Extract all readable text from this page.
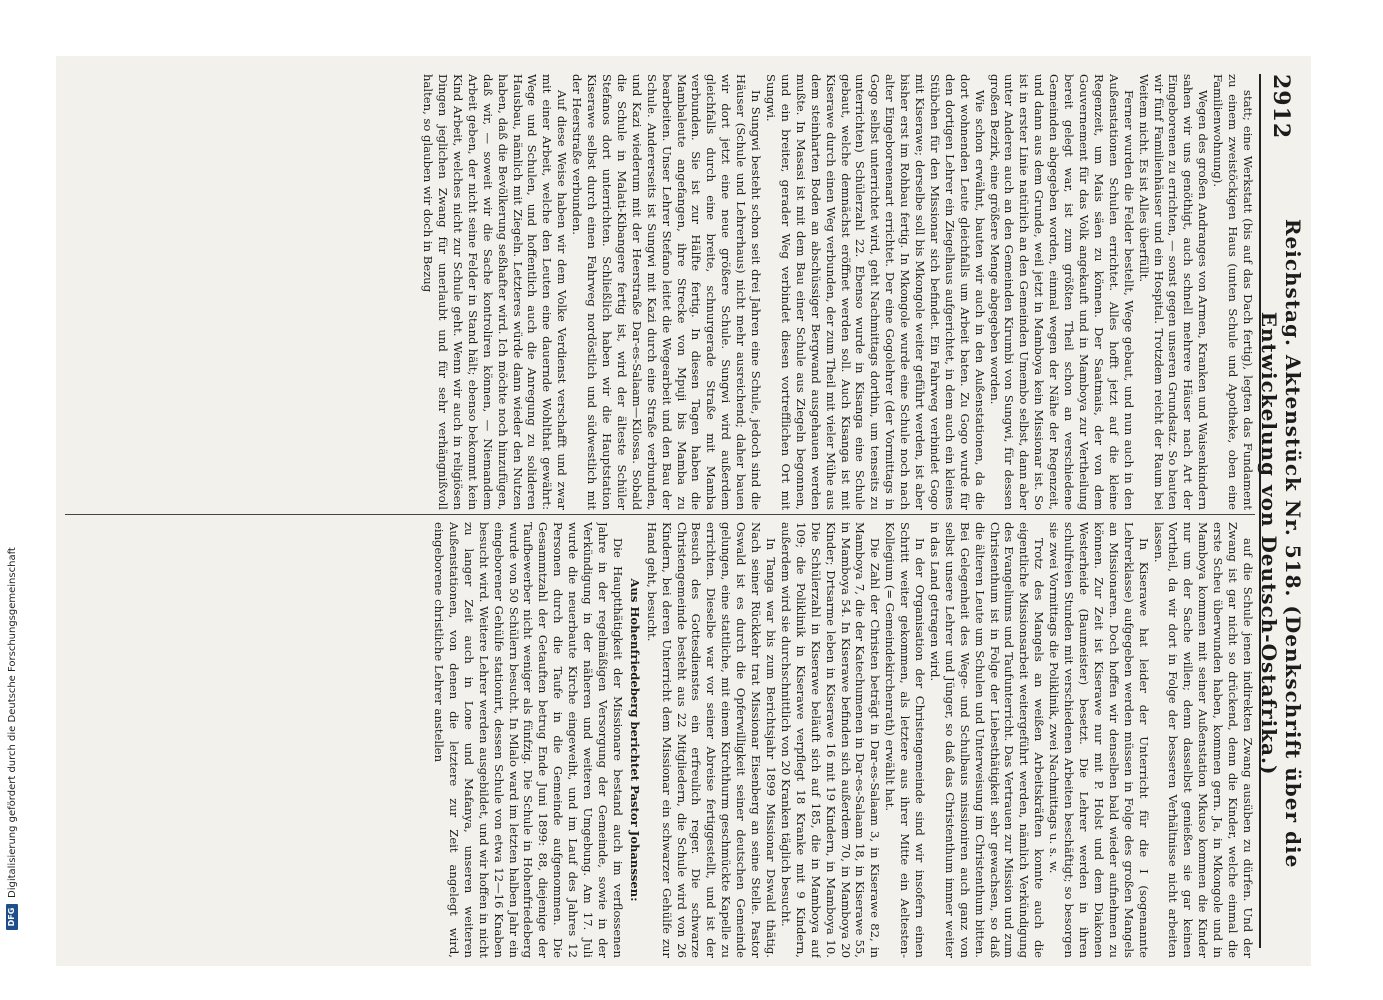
2912
Reichstag. Aktenstück Nr. 518. (Denkschrift über die Entwickelung von Deutsch-Ostafrika.)

statt; eine Werkstatt (bis auf das Dach fertig), legten das Fundament zu einem zweistöckigen Haus (unten Schule und Apotheke, oben eine Familienwohnung).

Wegen des großen Andranges von Armen, Kranken und Waisenkindern sahen wir uns genöthigt, auch schnell mehrere Häuser nach Art der Eingeborenen zu errichten, — sonst gegen unseren Grundsatz. So bauten wir fünf Familienhäuser und ein Hospital. Trotzdem reicht der Raum bei Weitem nicht. Es ist Alles überfüllt.

Ferner wurden die Felder bestellt, Wege gebaut, und nun auch in den Außenstationen Schulen errichtet. Alles hofft jetzt auf die kleine Regenzeit, um Mais säen zu können. Der Saatmais, der von dem Gouvernement für das Volk angekauft und in Mamboya zur Vertheilung bereit gelegt war, ist zum größten Theil schon an verschiedene Gemeinden abgegeben worden, einmal wegen der Nähe der Regenzeit, und dann aus dem Grunde, weil jetzt in Mamboya kein Missionar ist. So ist in erster Linie natürlich an den Gemeinden Umembo selbst, dann aber unter Anderen auch an den Gemeinden Kirumbi von Sungwi, für dessen großen Bezirk, eine größere Menge abgegeben worden.

Wie schon erwähnt, bauten wir auch in den Außenstationen, da die dort wohnenden Leute gleichfalls um Arbeit baten. Zu Gogo wurde für den dortigen Lehrer ein Ziegelhaus aufgerichtet, in dem auch ein kleines Stübchen für den Missionar sich befindet. Ein Fahrweg verbindet Gogo mit Kiserawe; derselbe soll bis Mkongole weiter geführt werden, ist aber bisher erst im Rohbau fertig. In Mkongole wurde eine Schule noch nach alter Eingeborenenart errichtet. Der eine Gogolehrer (der Vormittags in Gogo selbst unterrichtet wird, geht Nachmittags dorthin, um tenseits zu unterrichten) Schülerzahl 22. Ebenso wurde in Kisanga eine Schule gebaut, welche demnächst eröffnet werden soll. Auch Kisanga ist mit Kiserawe durch einen Weg verbunden, der zum Theil mit vieler Mühe aus dem steinharten Boden an abschüssiger Bergwand ausgehauen werden mußte. In Masasi ist mit dem Bau einer Schule aus Ziegeln begonnen, und ein breiter, gerader Weg verbindet diesen vortrefflichen Ort mit Sungwi.

In Sungwi besteht schon seit drei Jahren eine Schule, jedoch sind die Häuser (Schule und Lehrerhaus) nicht mehr ausreichend; daher bauen wir dort jetzt eine neue größere Schule. Sungwi wird außerdem gleichfalls durch eine breite, schnurgerade Straße mit Mamba verbunden. Sie ist zur Hälfte fertig. In diesen Tagen haben die Mambaleute angefangen, ihre Strecke von Mpuji bis Mamba zu bearbeiten. Unser Lehrer Stefano leitet die Wegearbeit und den Bau der Schule. Andererseits ist Sungwi mit Kazi durch eine Straße verbunden, und Kazi wiederum mit der Heerstraße Dar-es-Salaam—Kilossa. Sobald die Schule in Malati-Kibangere fertig ist, wird der älteste Schüler Stefanos dort unterrichten. Schließlich haben wir die Hauptstation Kiserawe selbst durch einen Fahrweg nordöstlich und südwestlich mit der Heerstraße verbunden.

Auf diese Weise haben wir dem Volke Verdienst verschafft und zwar mit einer Arbeit, welche den Leuten eine dauernde Wohlthat gewährt: Wege und Schulen, und hoffentlich auch die Anregung zu solideren Hausbau, nämlich mit Ziegeln. Letzteres würde dann wieder den Nutzen haben, daß die Bevölkerung seßhafter wird. Ich möchte noch hinzufügen, daß wir, — soweit wir die Sache kontroliren können, — Niemandem Arbeit geben, der nicht seine Felder in Stand hält; ebenso bekommt kein Kind Arbeit, welches nicht zur Schule geht. Wenn wir auch in religiösen Dingen jeglichen Zwang für unerlaubt und für sehr verhängnißvoll halten, so glauben wir doch in Bezug

auf die Schule jenen indirekten Zwang ausüben zu dürfen. Und der Zwang ist gar nicht so drückend, denn die Kinder, welche einmal die erste Scheu überwunden haben, kommen gern. Ja, in Mkongole und in Mamboya kommen mit seiner Außenstation Mkuso kommen die Kinder nur um der Sache willen; denn dasselbst genießen sie gar keinen Vortheil, da wir dort in Folge der besseren Verhältnisse nicht arbeiten lassen.

In Kiserawe hat leider der Unterricht für die I (sogenannte Lehrerklasse) aufgegeben werden müssen in Folge des großen Mangels an Missionaren. Doch hoffen wir denselben bald wieder aufnehmen zu können. Zur Zeit ist Kiserawe nur mit P. Holst und dem Diakonen Westerheide (Baumeister) besetzt. Die Lehrer werden in ihren schulfreien Stunden mit verschiedenen Arbeiten beschäftigt; so besorgen sie zwei Vormittags die Poliklinik, zwei Nachmittags u. s. w.

Trotz des Mangels an weißen Arbeitskräften konnte auch die eigentliche Missionsarbeit weitergeführt werden, nämlich Verkündigung des Evangeliums und Taufunterricht. Das Vertrauen zur Mission und zum Christenthum ist in Folge der Liebesthätigkeit sehr gewachsen, so daß die älteren Leute um Schulen und Unterweisung im Christenthum bitten. Bei Gelegenheit des Wege- und Schulbaus missioniren auch ganz von selbst unsere Lehrer und Jünger, so daß das Christenthum immer weiter in das Land getragen wird.

In der Organisation der Christengemeinde sind wir insofern einen Schritt weiter gekommen, als letztere aus ihrer Mitte ein Aeltesten-Kollegium (= Gemeindekirchenrath) erwählt hat.

Die Zahl der Christen beträgt in Dar-es-Salaam 3, in Kiserawe 82, in Mamboya 7, die der Katechumenen in Dar-es-Salaam 18, in Kiserawe 55, in Mamboya 54. In Kiserawe befinden sich außerdem 70, in Mamboya 20 Kinder; Drtsarme leben in Kiserawe 16 mit 19 Kindern, in Mamboya 10. Die Schülerzahl in Kiserawe beläuft sich auf 185, die in Mamboya auf 109; die Poliklinik in Kiserawe verpflegt 18 Kranke mit 9 Kindern, außerdem wird sie durchschnittlich von 20 Kranken täglich besucht.

In Tanga war bis zum Berichtsjahr 1899 Missionar Dswald thätig. Nach seiner Rückkehr trat Missionar Eisenberg an seine Stelle. Pastor Oswald ist es durch die Opferwilligkeit seiner deutschen Gemeinde gelungen, eine stattliche, mit einem Kirchthurm geschmückte Kapelle zu errichten. Dieselbe war vor seiner Abreise fertiggestellt, und ist der Besuch des Gottesdienstes ein erfreulich reger. Die schwarze Christengemeinde besteht aus 22 Mitgliedern, die Schule wird von 26 Kindern, bei deren Unterricht dem Missionar ein schwarzer Gehülfe zur Hand geht, besucht.

Aus Hohenfriedeberg berichtet Pastor Johanssen:

Die Hauptthätigkeit der Missionare bestand auch im verflossenen Jahre in der regelmäßigen Versorgung der Gemeinde, sowie in der Verkündigung in der näheren und weiteren Umgebung. Am 17. Juli wurde die neuerbaute Kirche eingeweiht, und im Lauf des Jahres 12 Personen durch die Taufe in die Gemeinde aufgenommen. Die Gesammtzahl der Getauften betrug Ende Juni 1899: 88, diejenige der Taufbewerber nicht weniger als fünfzig. Die Schule in Hohenfriedeberg wurde von 50 Schülern besucht. In Mlalo ward im letzten halben Jahr ein eingeborener Gehülfe stationirt, dessen Schule von etwa 12—16 Knaben besucht wird. Weitere Lehrer werden ausgebildet, und wir hoffen in nicht zu langer Zeit auch in Lone und Mafanya, unseren weiteren Außenstationen, von denen die letztere zur Zeit angelegt wird, eingeborene christliche Lehrer anstellen

DFG
Digitalisierung gefördert durch die Deutsche Forschungsgemeinschaft
